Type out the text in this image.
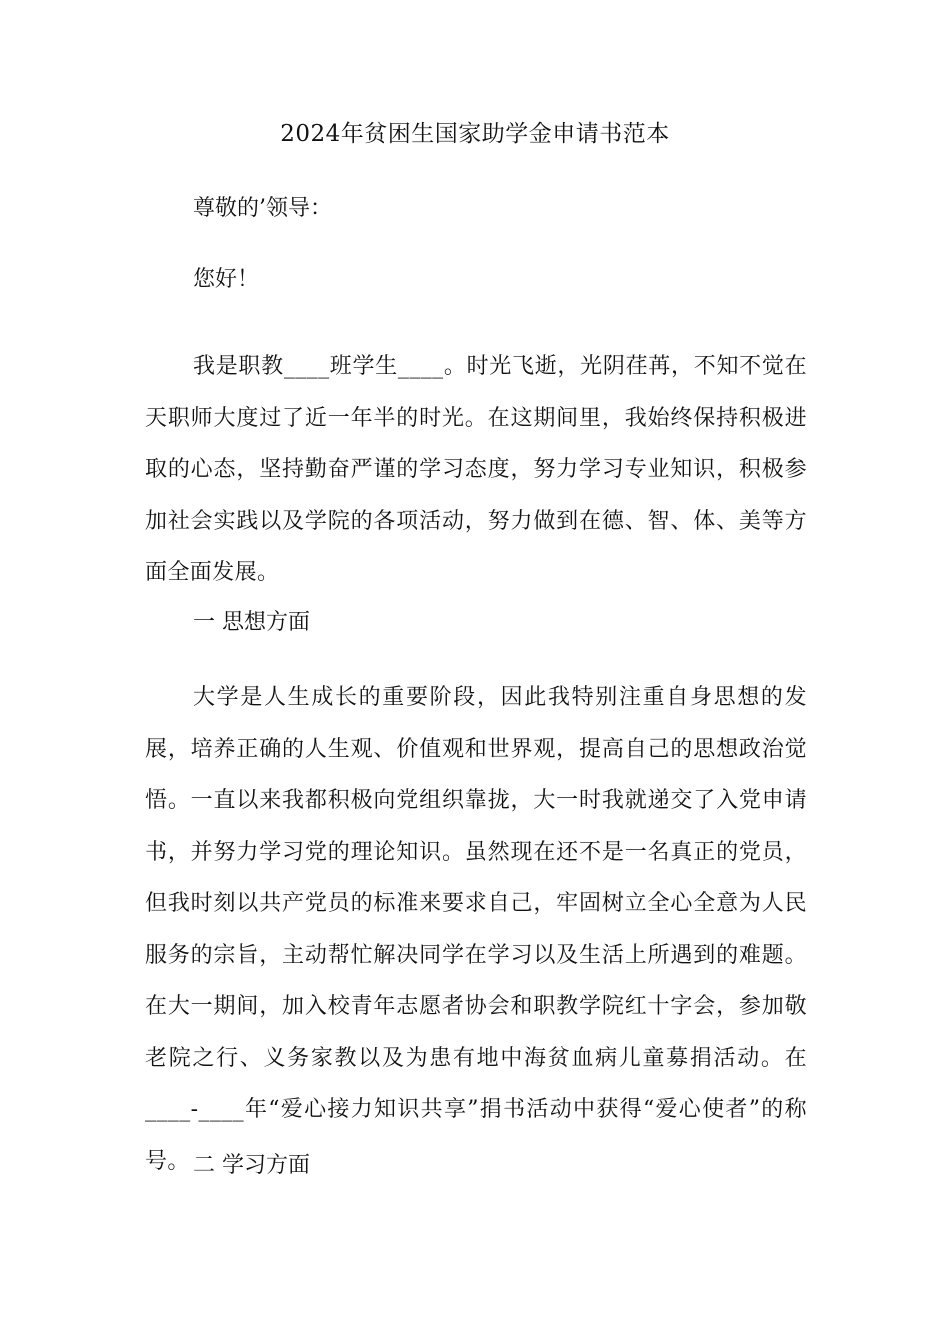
2024年贫困生国家助学金申请书范本
尊敬的’领导：
您好！
我是职教____班学生____。时光飞逝，光阴荏苒，不知不觉在天职师大度过了近一年半的时光。在这期间里，我始终保持积极进取的心态，坚持勤奋严谨的学习态度，努力学习专业知识，积极参加社会实践以及学院的各项活动，努力做到在德、智、体、美等方面全面发展。
一 思想方面
大学是人生成长的重要阶段，因此我特别注重自身思想的发展，培养正确的人生观、价值观和世界观，提高自己的思想政治觉悟。一直以来我都积极向党组织靠拢，大一时我就递交了入党申请书，并努力学习党的理论知识。虽然现在还不是一名真正的党员，但我时刻以共产党员的标准来要求自己，牢固树立全心全意为人民服务的宗旨，主动帮忙解决同学在学习以及生活上所遇到的难题。在大一期间，加入校青年志愿者协会和职教学院红十字会，参加敬老院之行、义务家教以及为患有地中海贫血病儿童募捐活动。在____-____年“爱心接力知识共享”捐书活动中获得“爱心使者”的称号。 二 学习方面
